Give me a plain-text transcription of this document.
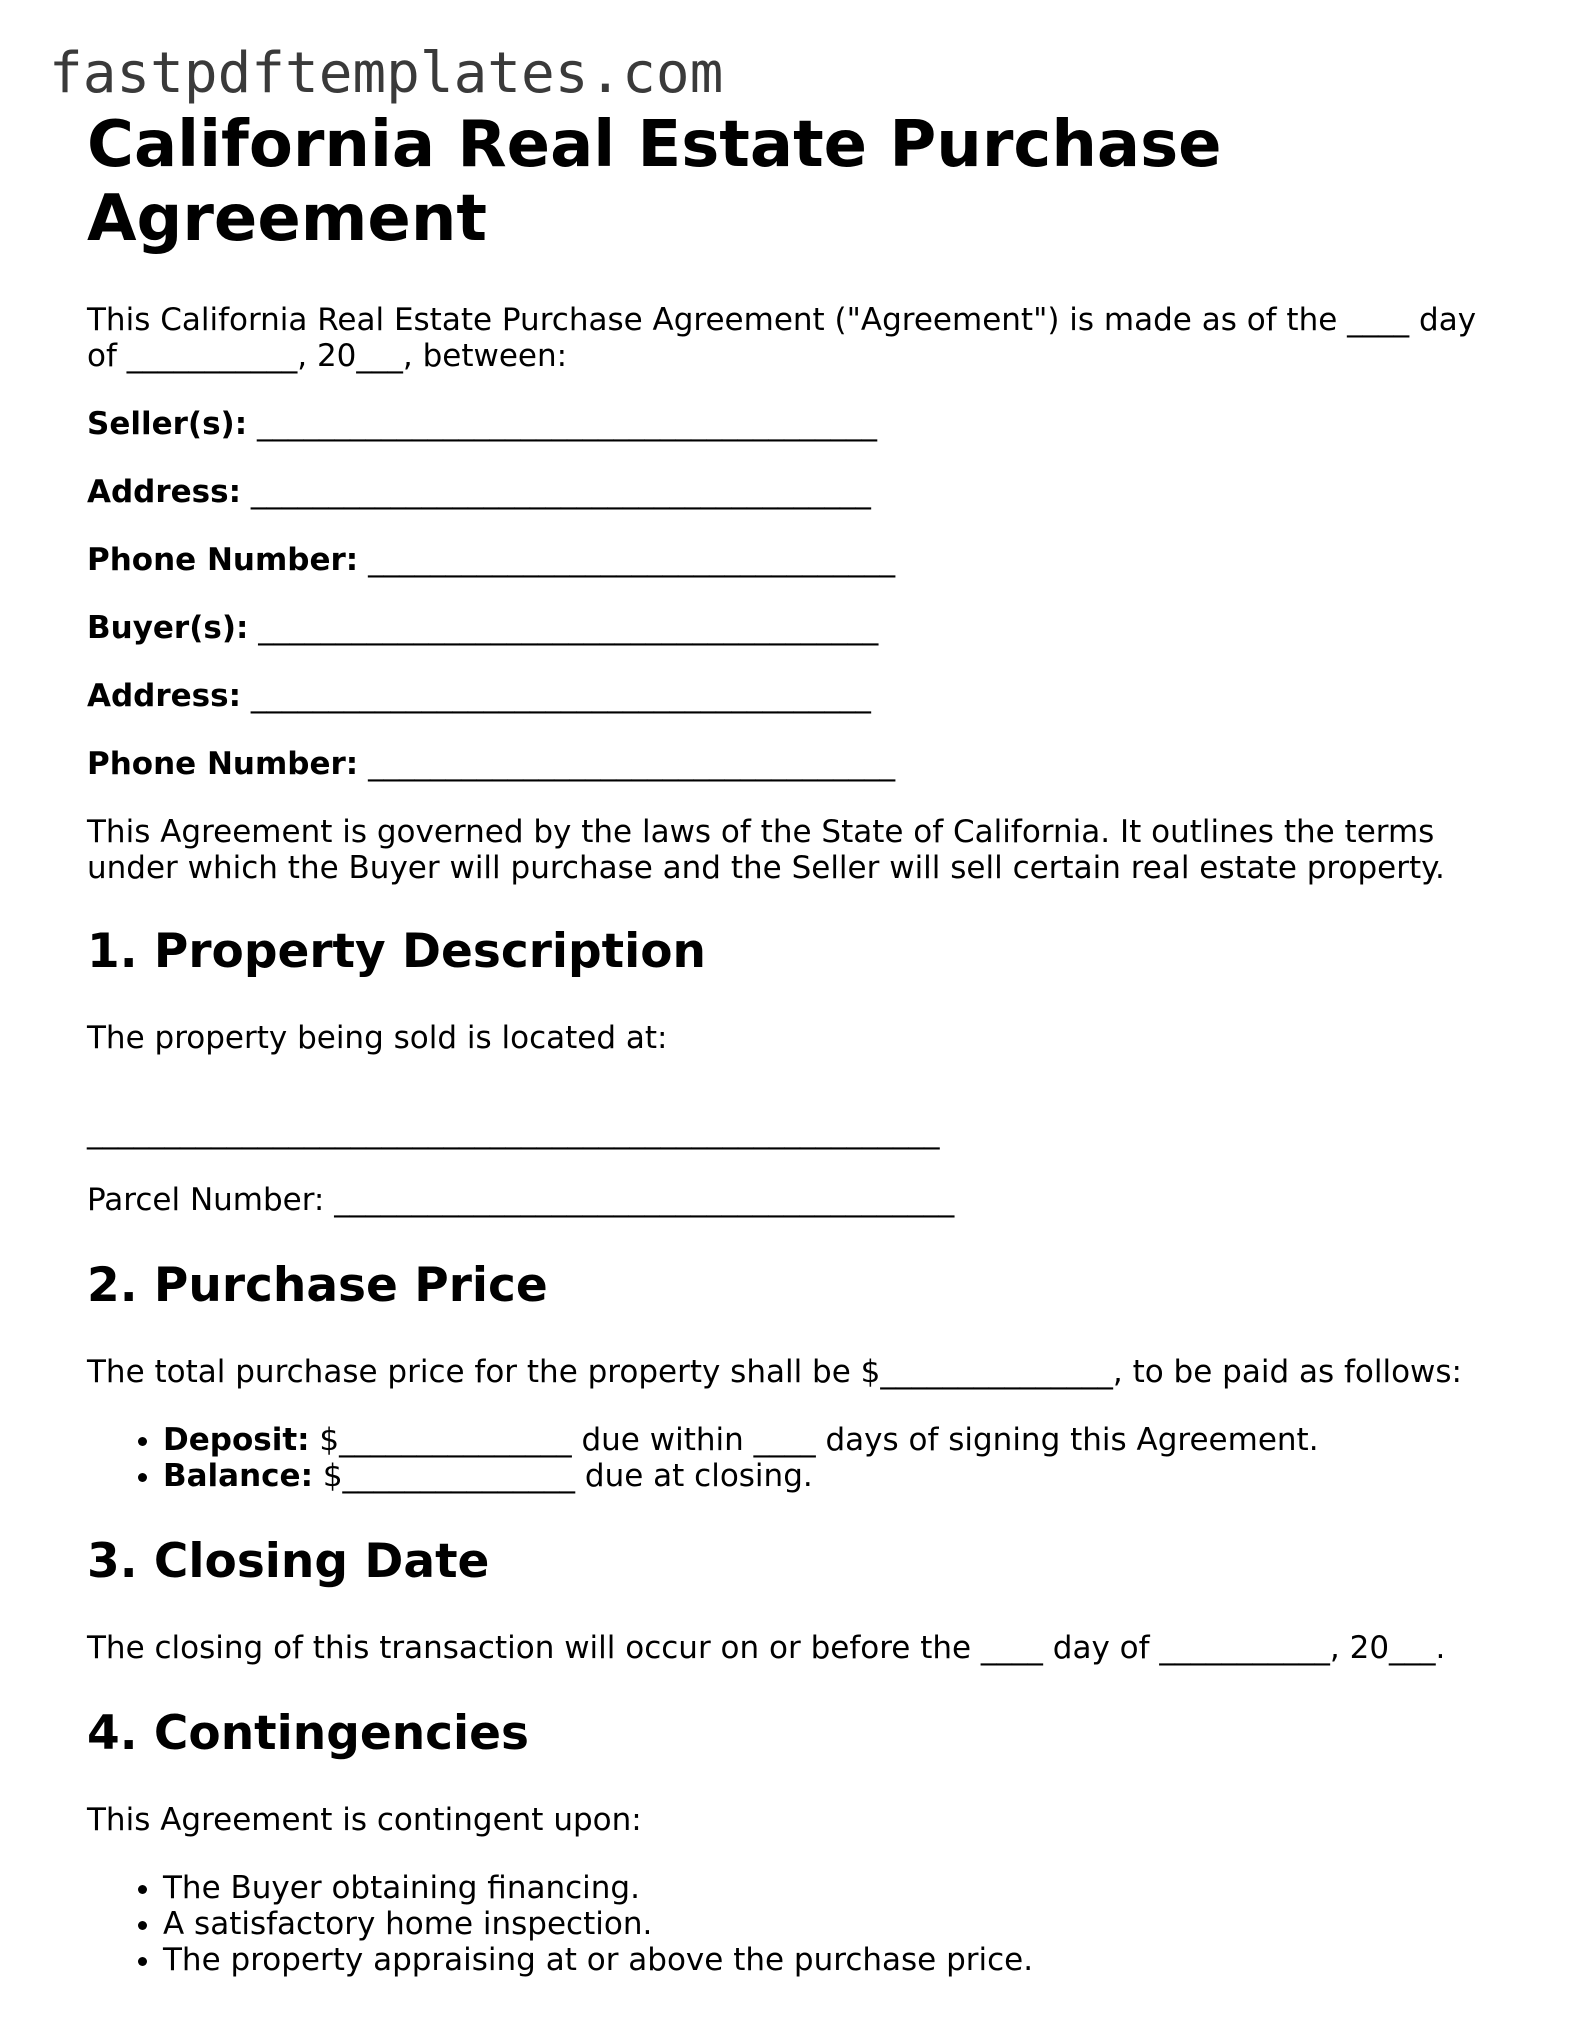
fastpdftemplates.com
California Real Estate Purchase Agreement

This California Real Estate Purchase Agreement ("Agreement") is made as of the ____ day of ___________, 20___, between:

Seller(s): ________________________________________

Address: ________________________________________

Phone Number: __________________________________

Buyer(s): ________________________________________

Address: ________________________________________

Phone Number: __________________________________

This Agreement is governed by the laws of the State of California. It outlines the terms under which the Buyer will purchase and the Seller will sell certain real estate property.

1. Property Description

The property being sold is located at:

_______________________________________________________

Parcel Number: ________________________________________

2. Purchase Price

The total purchase price for the property shall be $_______________, to be paid as follows:

• Deposit: $_______________ due within ____ days of signing this Agreement.
• Balance: $_______________ due at closing.
3. Closing Date

The closing of this transaction will occur on or before the ____ day of ___________, 20___.

4. Contingencies

This Agreement is contingent upon:

• The Buyer obtaining financing.
• A satisfactory home inspection.
• The property appraising at or above the purchase price.
